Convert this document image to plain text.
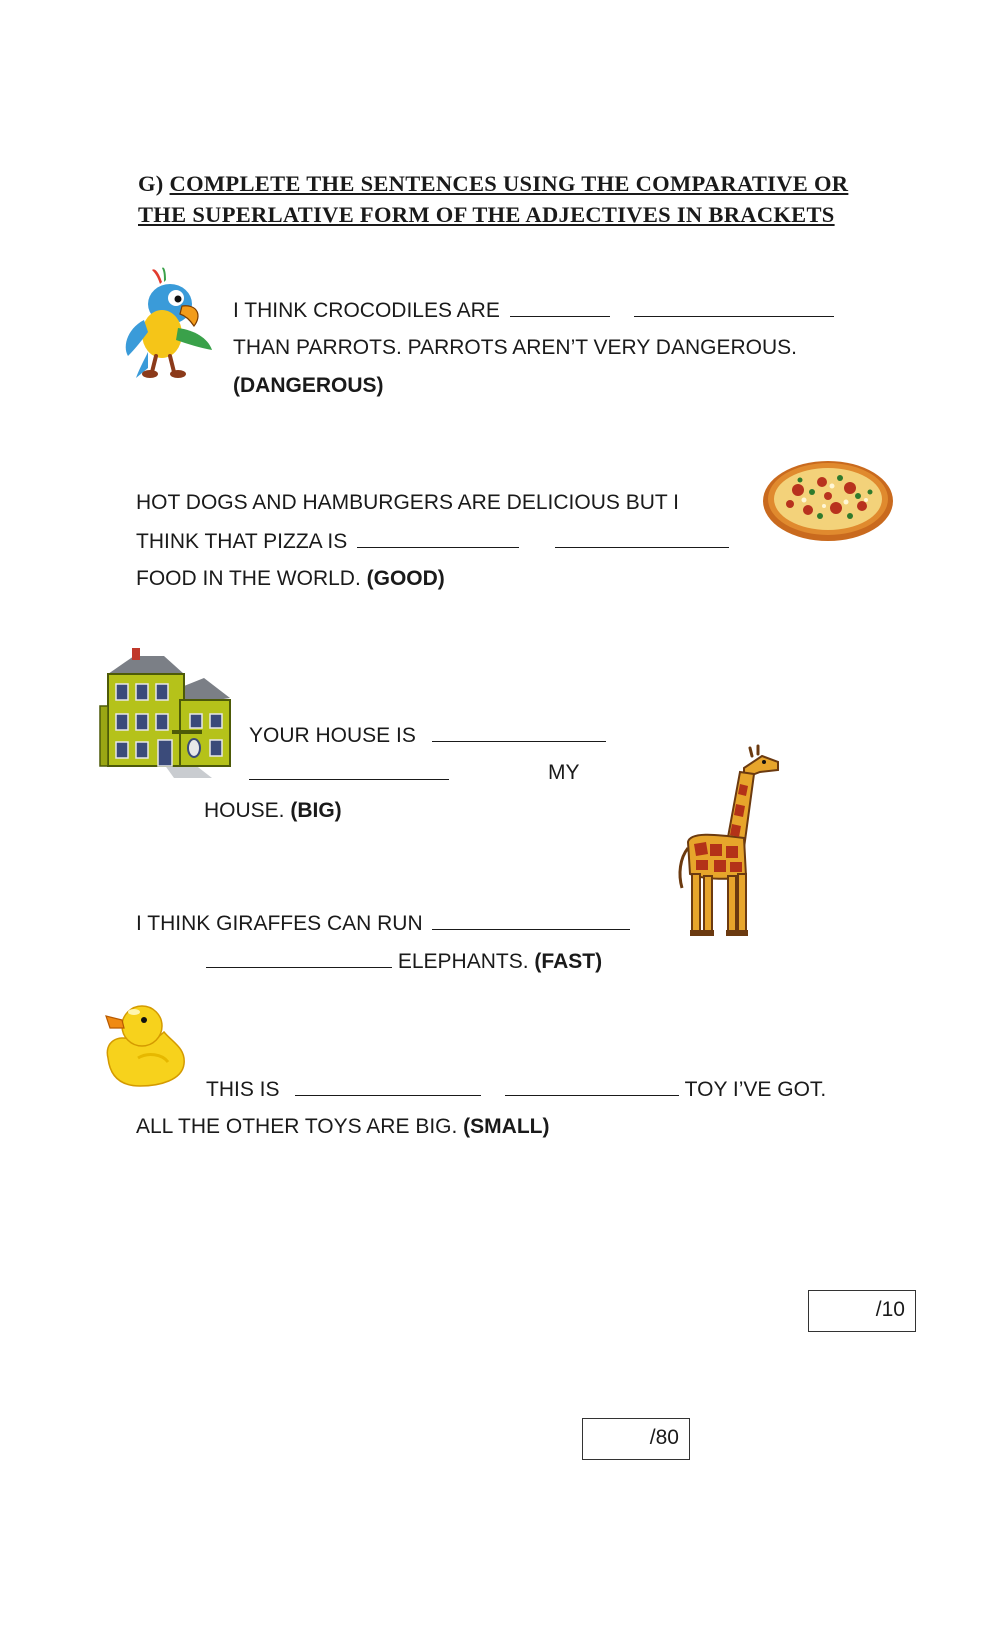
G) COMPLETE THE SENTENCES USING THE COMPARATIVE OR THE SUPERLATIVE FORM OF THE ADJECTIVES IN BRACKETS
I THINK CROCODILES ARE
THAN PARROTS. PARROTS AREN’T VERY DANGEROUS.
(DANGEROUS)
HOT DOGS AND HAMBURGERS ARE DELICIOUS BUT I
THINK THAT PIZZA IS
FOOD IN THE WORLD. (GOOD)
YOUR HOUSE IS
MY
HOUSE. (BIG)
I THINK GIRAFFES CAN RUN
ELEPHANTS. (FAST)
THIS IS	TOY I’VE GOT.
ALL THE OTHER TOYS ARE BIG. (SMALL)
/10
/80
